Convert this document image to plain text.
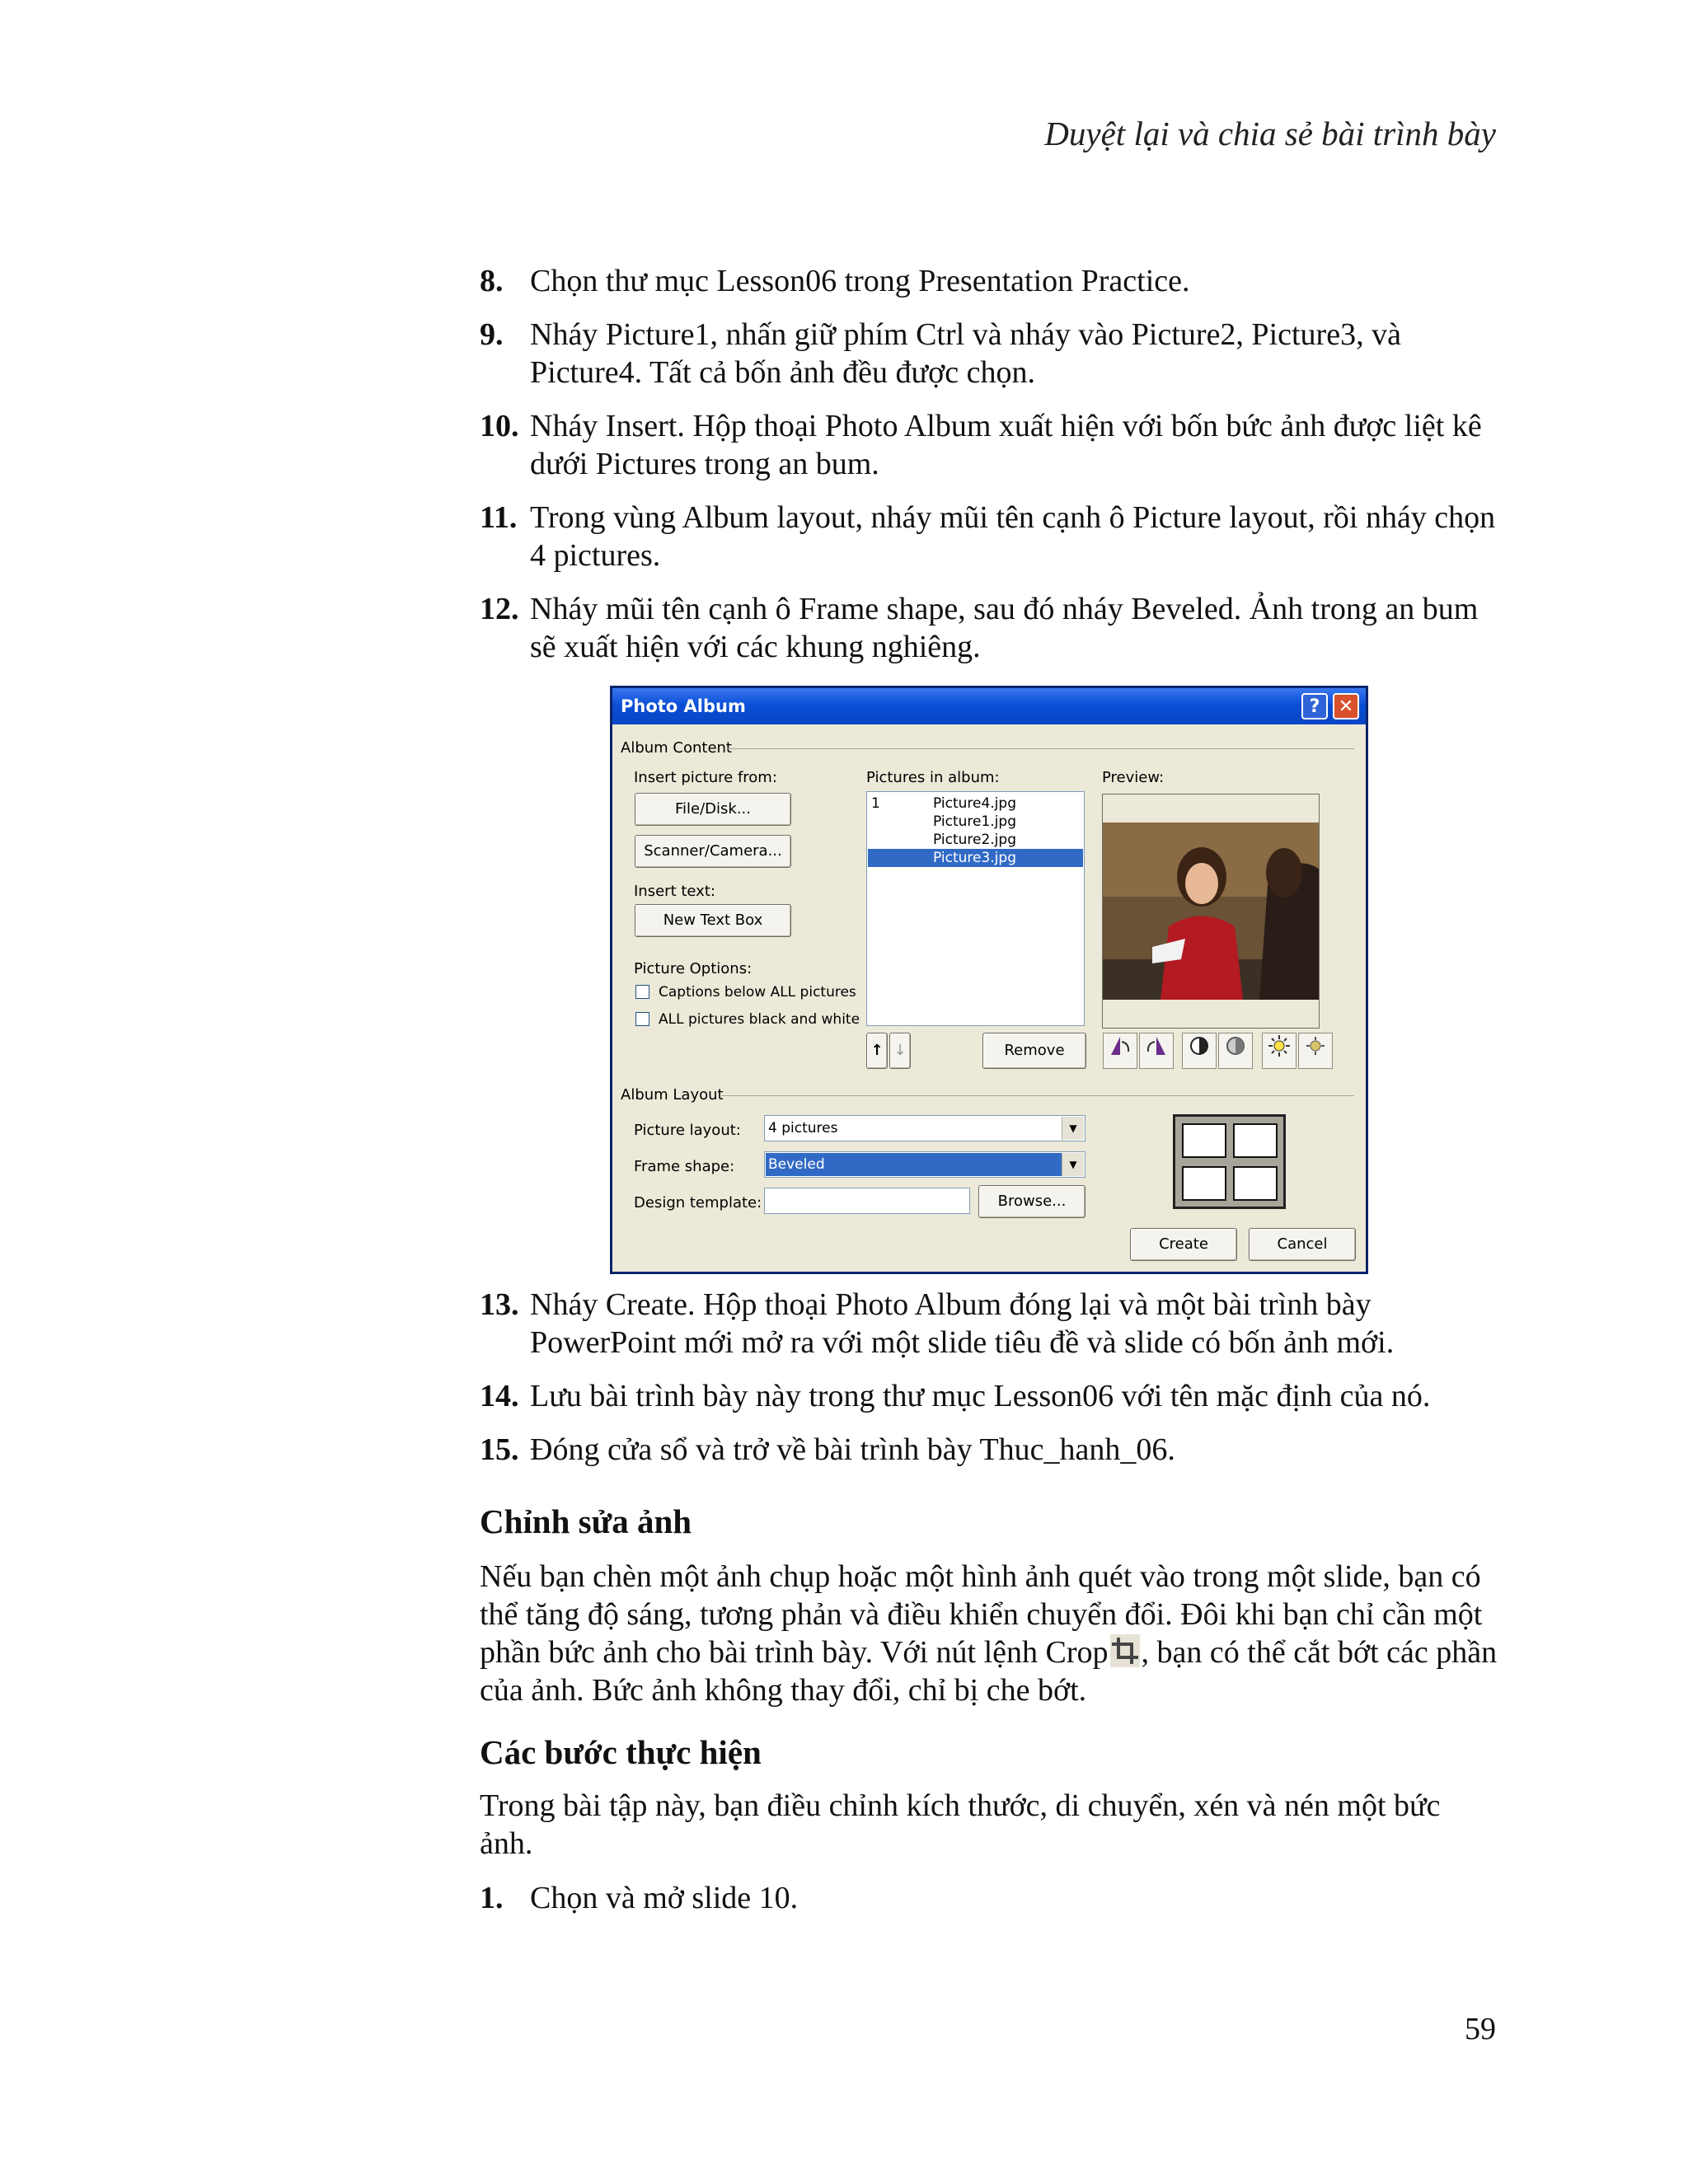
Duyệt lại và chia sẻ bài trình bày
8. Chọn thư mục Lesson06 trong Presentation Practice.
9. Nháy Picture1, nhấn giữ phím Ctrl và nháy vào Picture2, Picture3, và Picture4. Tất cả bốn ảnh đều được chọn.
10. Nháy Insert. Hộp thoại Photo Album xuất hiện với bốn bức ảnh được liệt kê dưới Pictures trong an bum.
11. Trong vùng Album layout, nháy mũi tên cạnh ô Picture layout, rồi nháy chọn 4 pictures.
12. Nháy mũi tên cạnh ô Frame shape, sau đó nháy Beveled. Ảnh trong an bum sẽ xuất hiện với các khung nghiêng.
13. Nháy Create. Hộp thoại Photo Album đóng lại và một bài trình bày PowerPoint mới mở ra với một slide tiêu đề và slide có bốn ảnh mới.
14. Lưu bài trình bày này trong thư mục Lesson06 với tên mặc định của nó.
15. Đóng cửa sổ và trở về bài trình bày Thuc_hanh_06.
Chỉnh sửa ảnh
Nếu bạn chèn một ảnh chụp hoặc một hình ảnh quét vào trong một slide, bạn có thể tăng độ sáng, tương phản và điều khiển chuyển đổi. Đôi khi bạn chỉ cần một phần bức ảnh cho bài trình bày. Với nút lệnh Crop , bạn có thể cắt bớt các phần của ảnh. Bức ảnh không thay đổi, chỉ bị che bớt.
Các bước thực hiện
Trong bài tập này, bạn điều chỉnh kích thước, di chuyển, xén và nén một bức ảnh.
1. Chọn và mở slide 10.
59
Photo Album	?	✕
Album Content
Insert picture from:
File/Disk...
Scanner/Camera...
Insert text:
New Text Box
Picture Options:
Captions below ALL pictures
ALL pictures black and white
Pictures in album:
1	Picture4.jpg
Picture1.jpg
Picture2.jpg
Picture3.jpg
Preview:
↑ ↓	Remove
Album Layout
Picture layout: 4 pictures	▼
Frame shape: Beveled	▼
Design template:	Browse...
Create	Cancel
